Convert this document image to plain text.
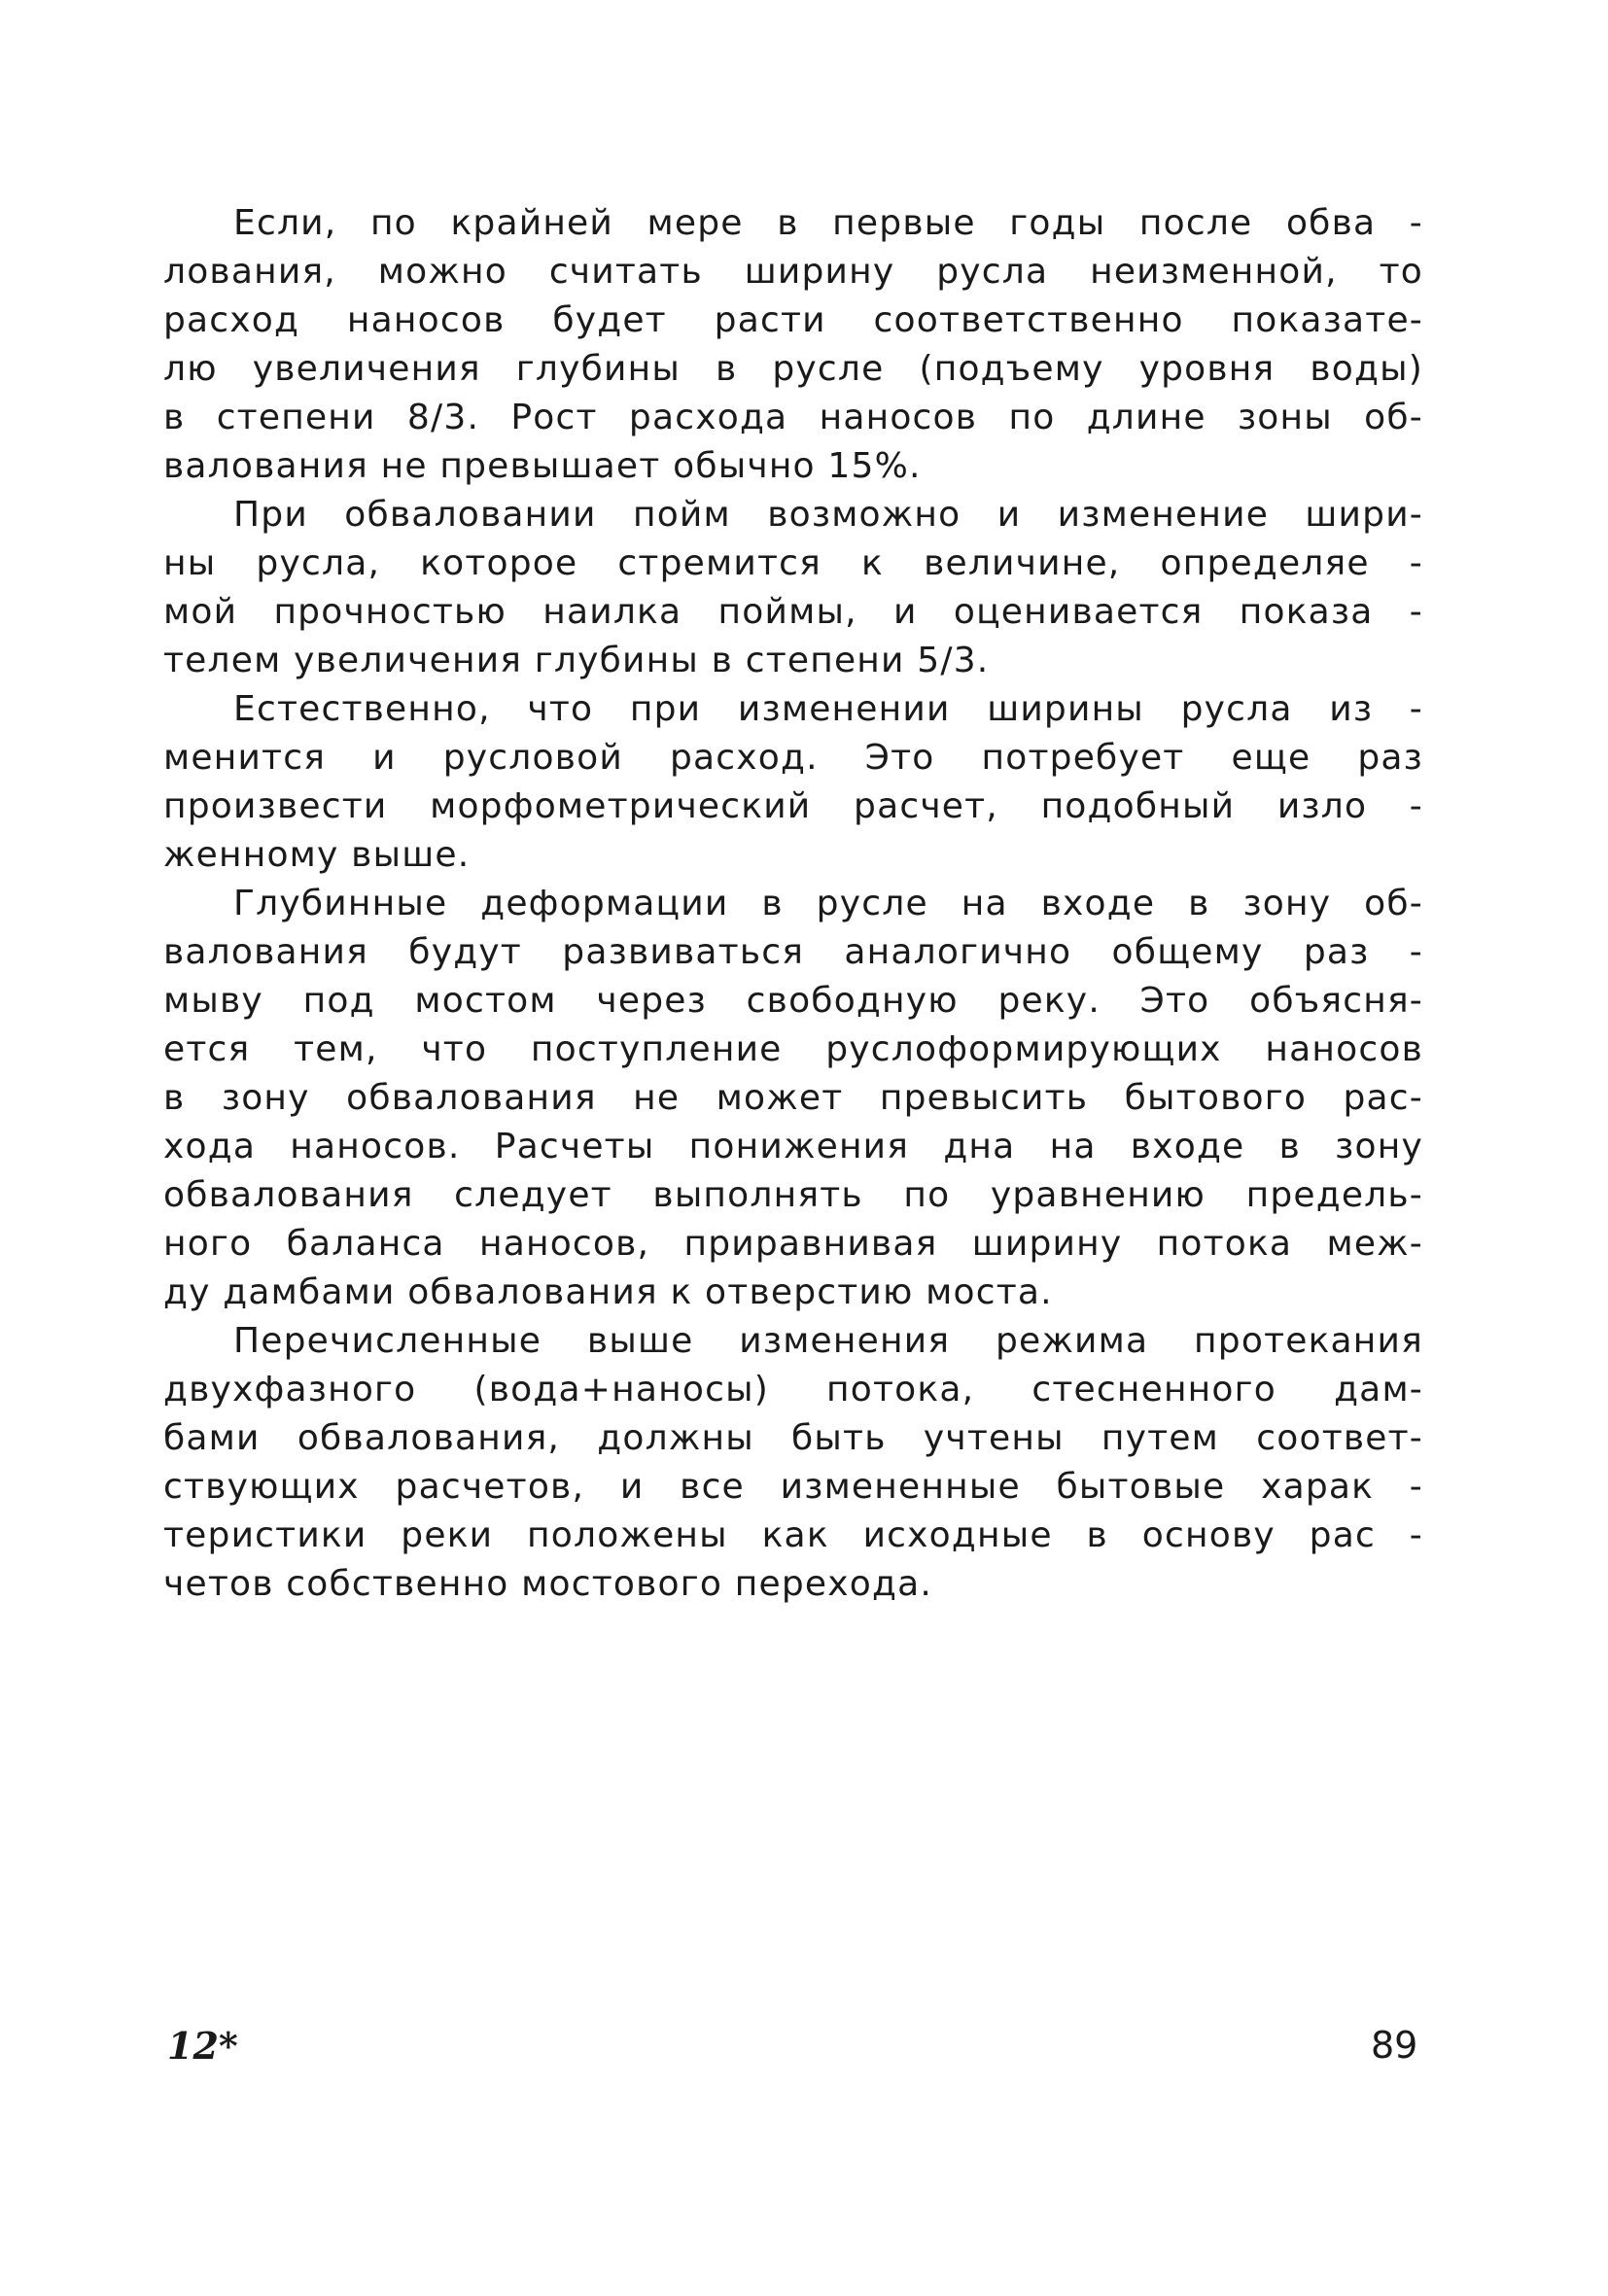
Если, по крайней мере в первые годы после обва -
лования, можно считать ширину русла неизменной, то
расход наносов будет расти соответственно показате-
лю увеличения глубины в русле (подъему уровня воды)
в степени 8/3. Рост расхода наносов по длине зоны об-
валования не превышает обычно 15%.
При обваловании пойм возможно и изменение шири-
ны русла, которое стремится к величине, определяе -
мой прочностью наилка поймы, и оценивается показа -
телем увеличения глубины в степени 5/3.
Естественно, что при изменении ширины русла из -
менится и русловой расход. Это потребует еще раз
произвести морфометрический расчет, подобный изло -
женному выше.
Глубинные деформации в русле на входе в зону об-
валования будут развиваться аналогично общему раз -
мыву под мостом через свободную реку. Это объясня-
ется тем, что поступление руслоформирующих наносов
в зону обвалования не может превысить бытового рас-
хода наносов. Расчеты понижения дна на входе в зону
обвалования следует выполнять по уравнению предель-
ного баланса наносов, приравнивая ширину потока меж-
ду дамбами обвалования к отверстию моста.
Перечисленные выше изменения режима протекания
двухфазного (вода+наносы) потока, стесненного дам-
бами обвалования, должны быть учтены путем соответ-
ствующих расчетов, и все измененные бытовые харак -
теристики реки положены как исходные в основу рас -
четов собственно мостового перехода.
12*	89
